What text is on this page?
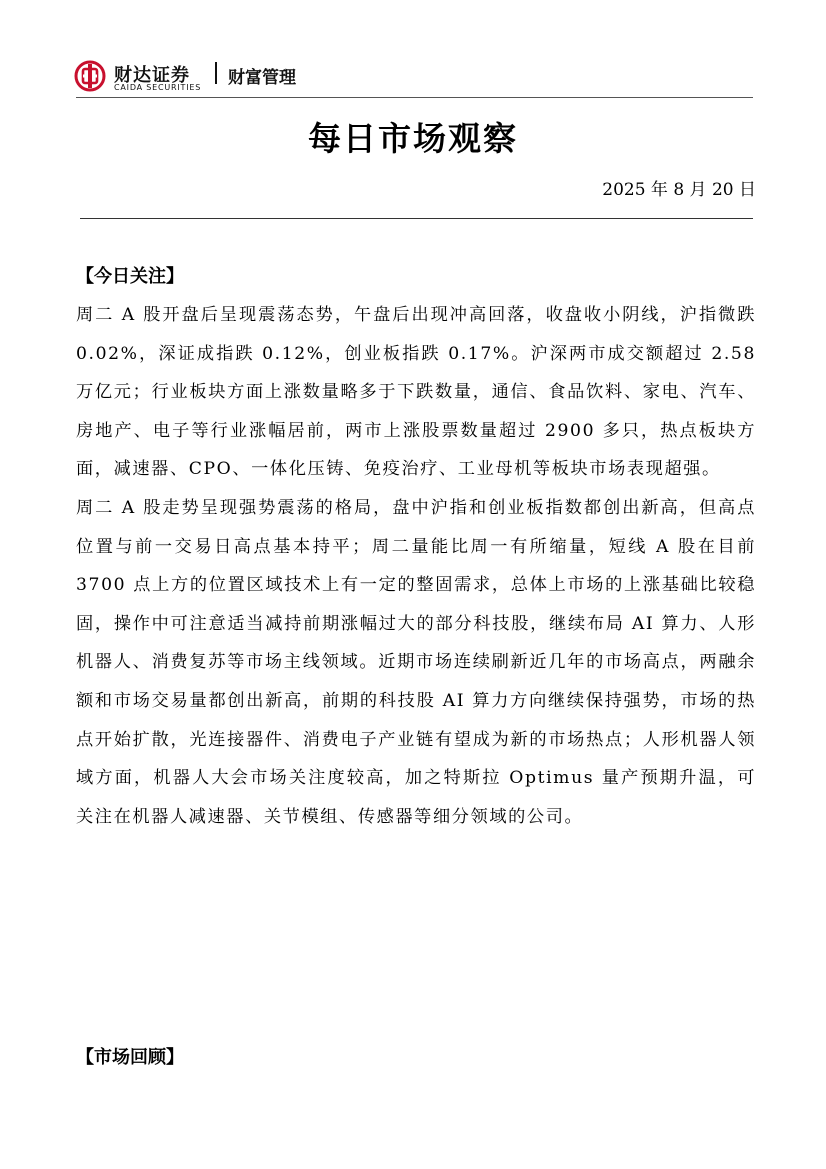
财达证券
CAIDA SECURITIES 财富管理
每日市场观察
2025 年 8 月 20 日
【今日关注】

周二 A 股开盘后呈现震荡态势，午盘后出现冲高回落，收盘收小阴线，沪指微跌 0.02%，深证成指跌 0.12%，创业板指跌 0.17%。沪深两市成交额超过 2.58 万亿元；行业板块方面上涨数量略多于下跌数量，通信、食品饮料、家电、汽车、房地产、电子等行业涨幅居前，两市上涨股票数量超过 2900 多只，热点板块方面，减速器、CPO、一体化压铸、免疫治疗、工业母机等板块市场表现超强。

周二 A 股走势呈现强势震荡的格局，盘中沪指和创业板指数都创出新高，但高点位置与前一交易日高点基本持平；周二量能比周一有所缩量，短线 A 股在目前 3700 点上方的位置区域技术上有一定的整固需求，总体上市场的上涨基础比较稳固，操作中可注意适当减持前期涨幅过大的部分科技股，继续布局 AI 算力、人形机器人、消费复苏等市场主线领域。近期市场连续刷新近几年的市场高点，两融余额和市场交易量都创出新高，前期的科技股 AI 算力方向继续保持强势，市场的热点开始扩散，光连接器件、消费电子产业链有望成为新的市场热点；人形机器人领域方面，机器人大会市场关注度较高，加之特斯拉 Optimus 量产预期升温，可关注在机器人减速器、关节模组、传感器等细分领域的公司。

【市场回顾】
